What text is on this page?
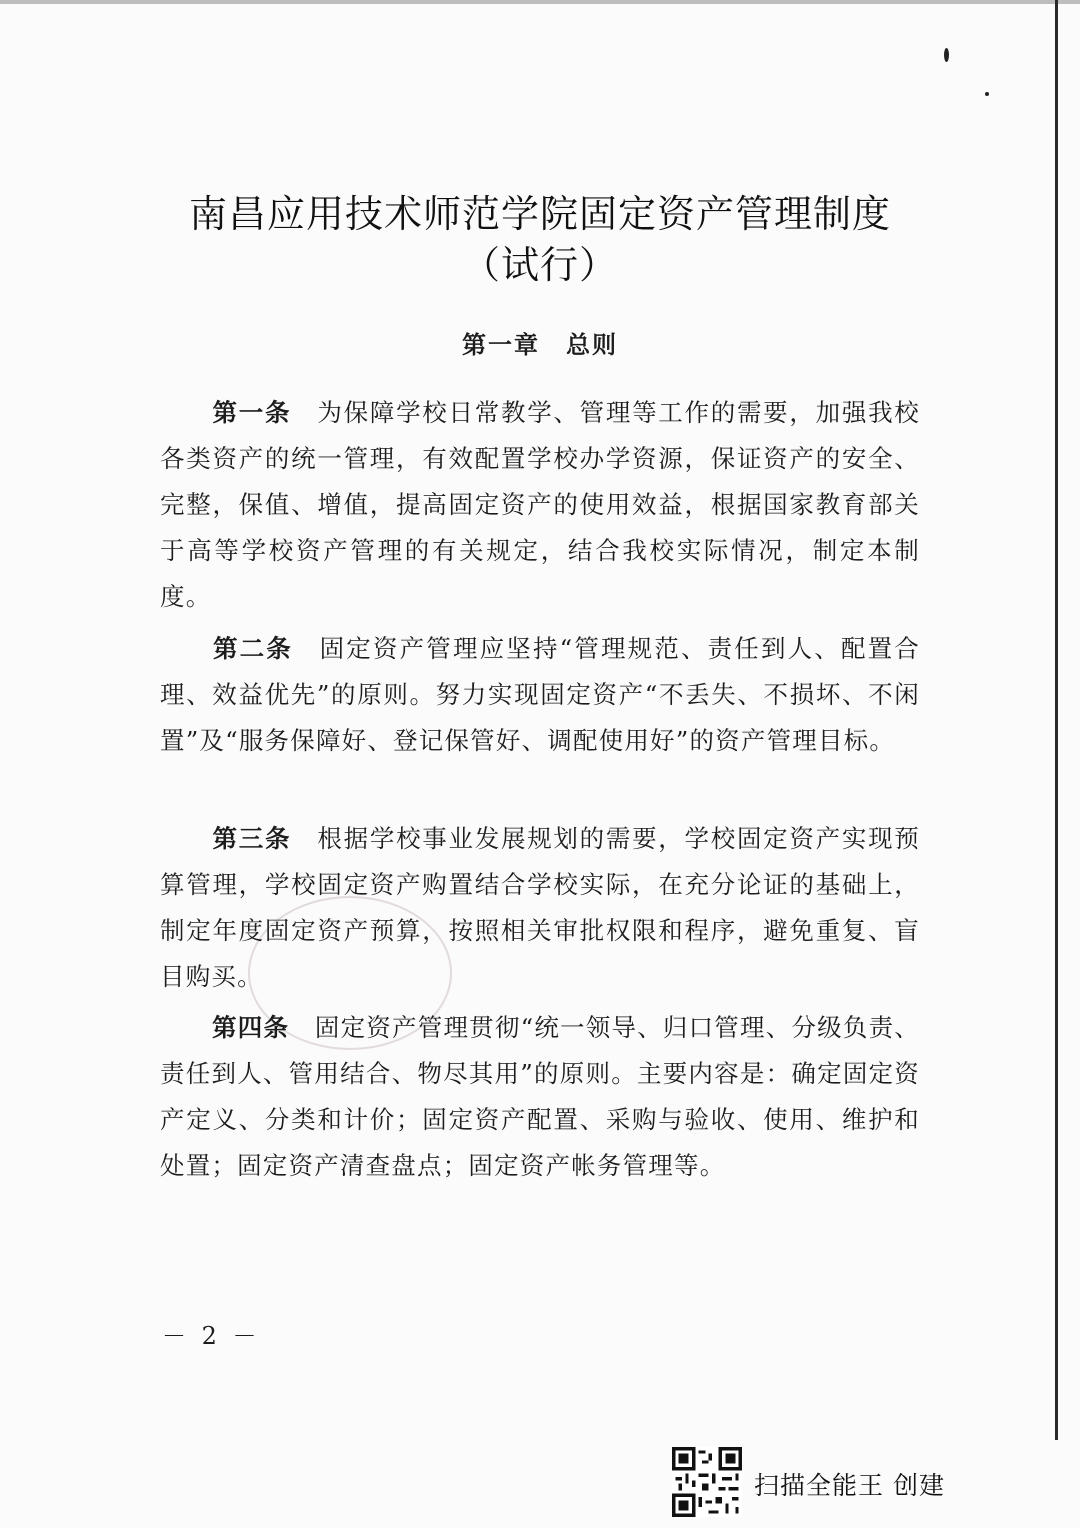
南昌应用技术师范学院固定资产管理制度
（试行）
第一章　总则
第一条　 为保障学校日常教学、管理等工作的需要，加强我校各类资产的统一管理，有效配置学校办学资源，保证资产的安全、完整，保值、增值，提高固定资产的使用效益，根据国家教育部关于高等学校资产管理的有关规定，结合我校实际情况，制定本制度。
第二条　 固定资产管理应坚持“管理规范、责任到人、配置合理、效益优先”的原则。努力实现固定资产“不丢失、不损坏、不闲置”及“服务保障好、登记保管好、调配使用好”的资产管理目标。
第三条　 根据学校事业发展规划的需要，学校固定资产实现预算管理，学校固定资产购置结合学校实际，在充分论证的基础上，制定年度固定资产预算，按照相关审批权限和程序，避免重复、盲目购买。
第四条　 固定资产管理贯彻“统一领导、归口管理、分级负责、责任到人、管用结合、物尽其用”的原则。主要内容是：确定固定资产定义、分类和计价；固定资产配置、采购与验收、使用、维护和处置；固定资产清查盘点；固定资产帐务管理等。
－ 2 －
扫描全能王 创建
